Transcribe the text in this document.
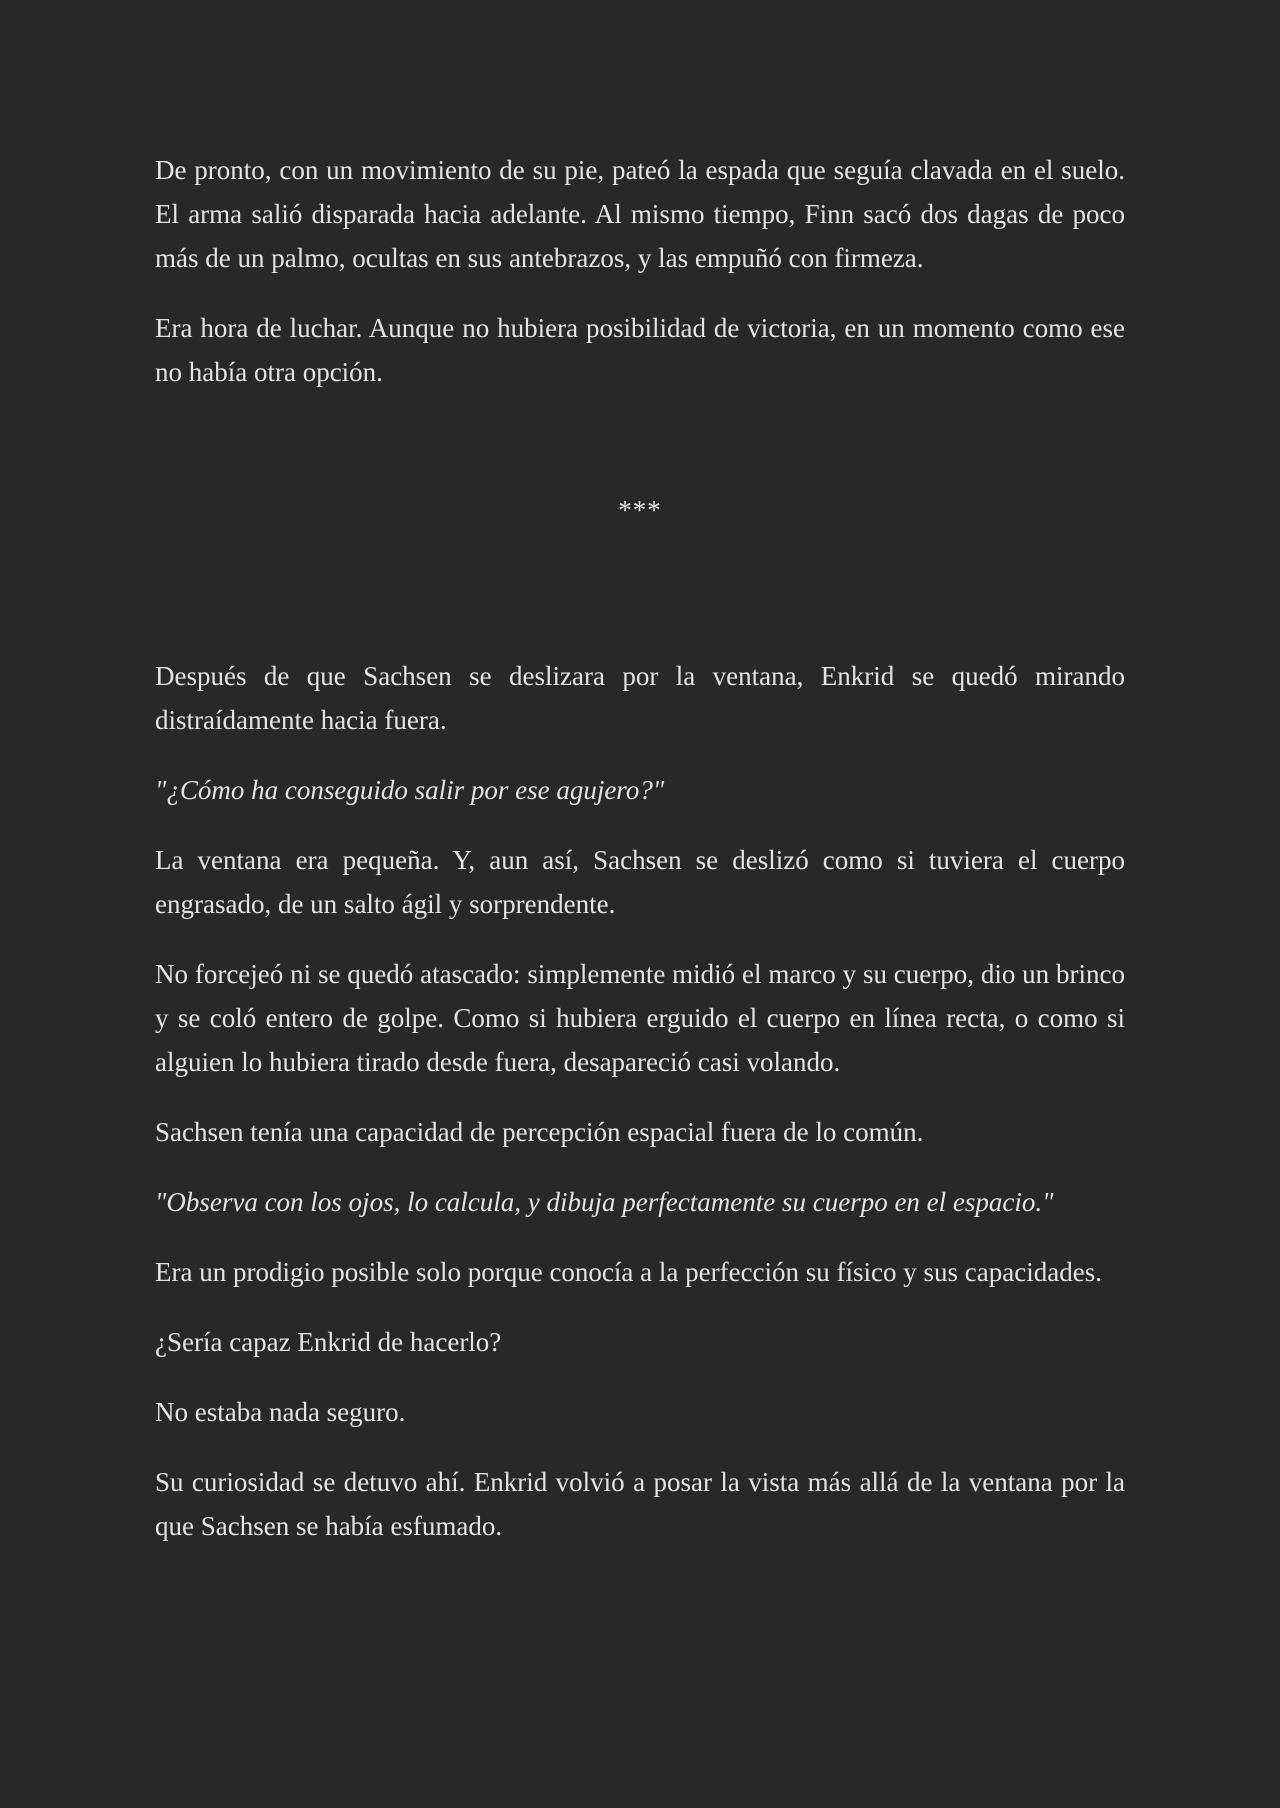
De pronto, con un movimiento de su pie, pateó la espada que seguía clavada en el suelo. El arma salió disparada hacia adelante. Al mismo tiempo, Finn sacó dos dagas de poco más de un palmo, ocultas en sus antebrazos, y las empuñó con firmeza.

Era hora de luchar. Aunque no hubiera posibilidad de victoria, en un momento como ese no había otra opción.

***

Después de que Sachsen se deslizara por la ventana, Enkrid se quedó mirando distraídamente hacia fuera.

"¿Cómo ha conseguido salir por ese agujero?"

La ventana era pequeña. Y, aun así, Sachsen se deslizó como si tuviera el cuerpo engrasado, de un salto ágil y sorprendente.

No forcejeó ni se quedó atascado: simplemente midió el marco y su cuerpo, dio un brinco y se coló entero de golpe. Como si hubiera erguido el cuerpo en línea recta, o como si alguien lo hubiera tirado desde fuera, desapareció casi volando.

Sachsen tenía una capacidad de percepción espacial fuera de lo común.

"Observa con los ojos, lo calcula, y dibuja perfectamente su cuerpo en el espacio."

Era un prodigio posible solo porque conocía a la perfección su físico y sus capacidades.

¿Sería capaz Enkrid de hacerlo?

No estaba nada seguro.

Su curiosidad se detuvo ahí. Enkrid volvió a posar la vista más allá de la ventana por la que Sachsen se había esfumado.
